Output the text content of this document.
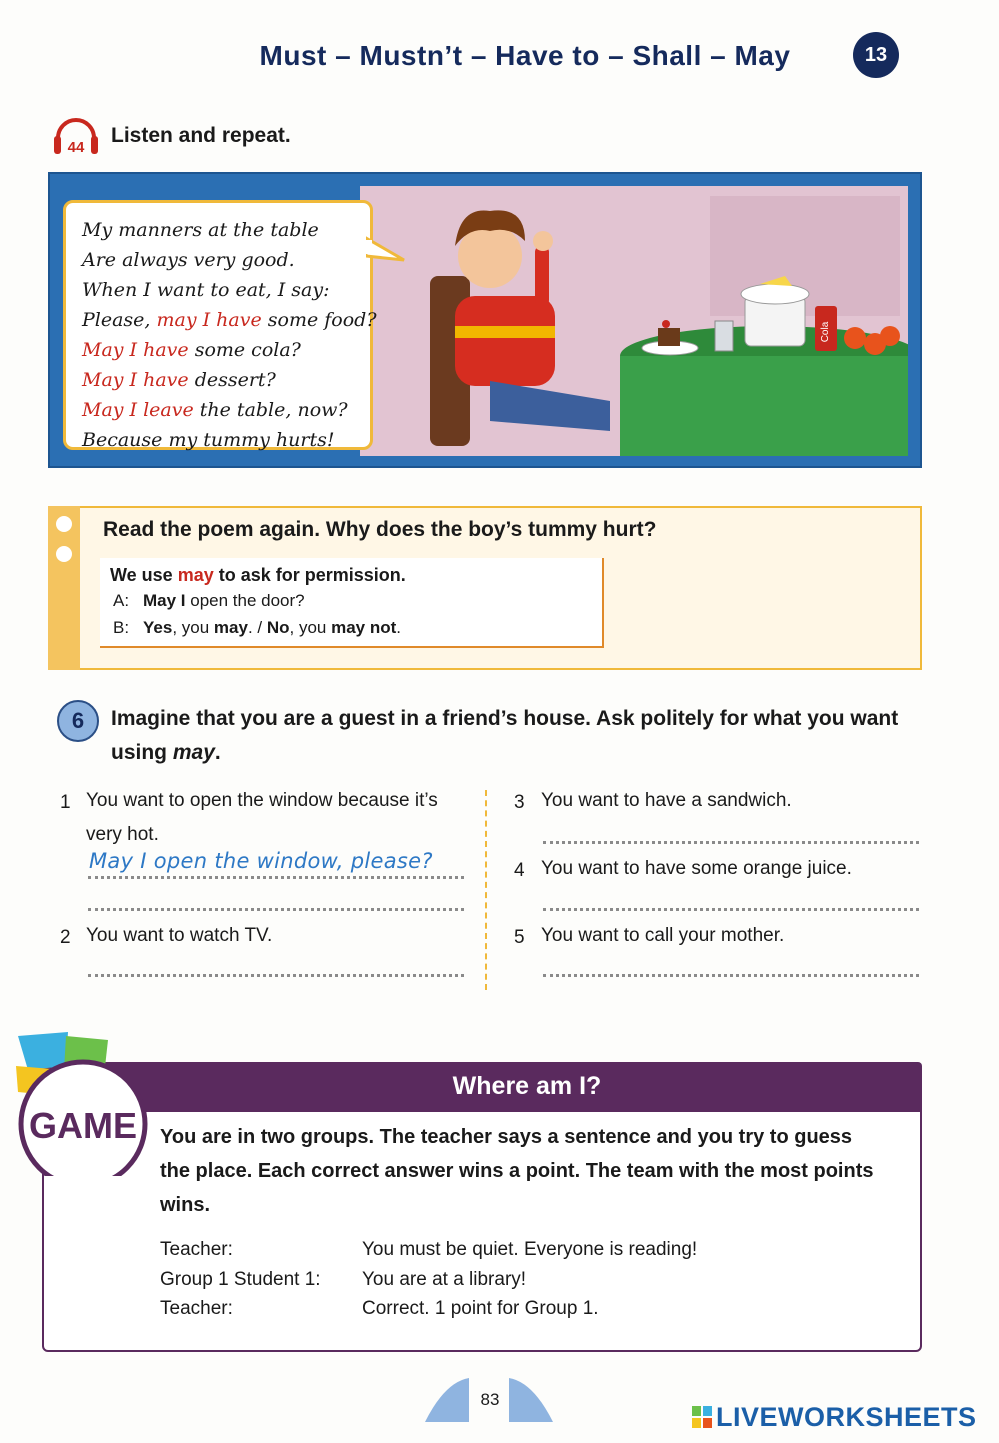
Must – Mustn’t – Have to – Shall – May	13
44
Listen and repeat.
Cola
My manners at the table
Are always very good.
When I want to eat, I say:
Please, may I have some food?
May I have some cola?
May I have dessert?
May I leave the table, now?
Because my tummy hurts!
Read the poem again. Why does the boy’s tummy hurt?
We use may to ask for permission.
A: May I open the door?
B: Yes, you may. / No, you may not.
6	Imagine that you are a guest in a friend’s house. Ask politely for what you want using may.
1 You want to open the window because it’s
very hot.
May I open the window, please?
2 You want to watch TV.
3 You want to have a sandwich.
4 You want to have some orange juice.
5 You want to call your mother.
Where am I?
GAME You are in two groups. The teacher says a sentence and you try to guess the place. Each correct answer wins a point. The team with the most points wins.
Teacher:	You must be quiet. Everyone is reading!
Group 1 Student 1: You are at a library!
Teacher:	Correct. 1 point for Group 1.
83
LIVEWORKSHEETS
